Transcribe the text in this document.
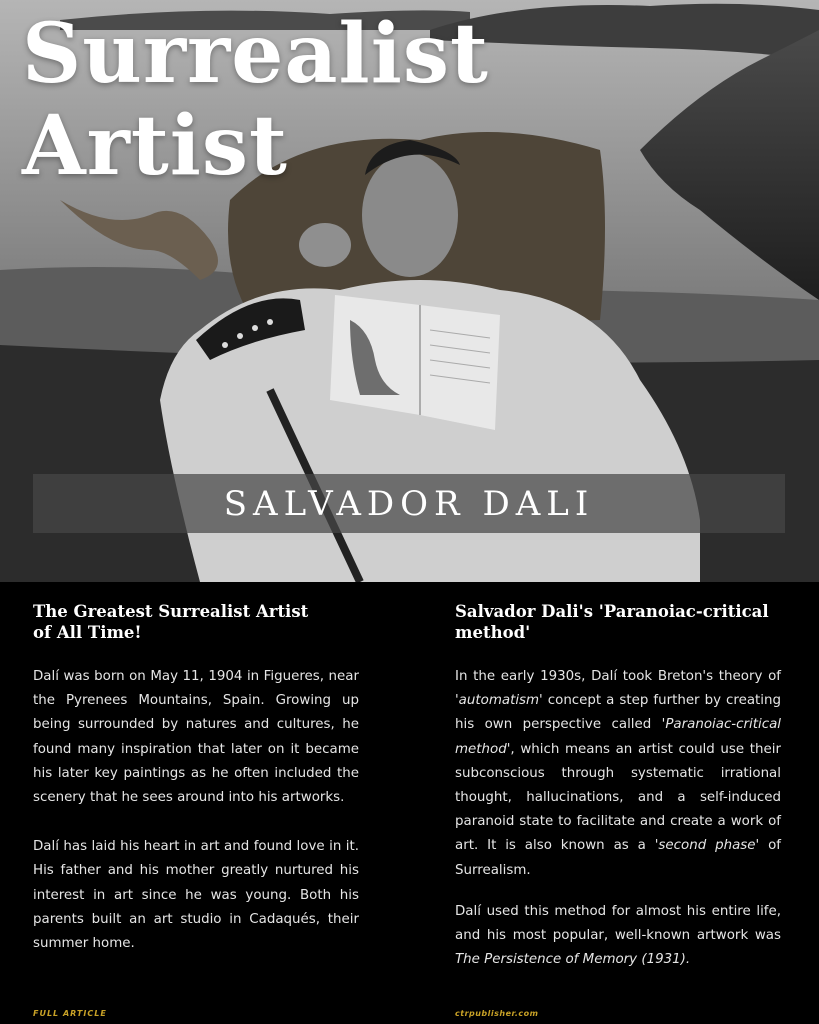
Surrealist
Artist
SALVADOR DALI
The Greatest Surrealist Artist
of All Time!

Dalí was born on May 11, 1904 in Figueres, near the Pyrenees Mountains, Spain. Growing up being surrounded by natures and cultures, he found many inspiration that later on it became his later key paintings as he often included the scenery that he sees around into his artworks.

Dalí has laid his heart in art and found love in it. His father and his mother greatly nurtured his interest in art since he was young. Both his parents built an art studio in Cadaqués, their summer home.

Salvador Dali's 'Paranoiac-critical
method'

In the early 1930s, Dalí took Breton's theory of 'automatism' concept a step further by creating his own perspective called 'Paranoiac-critical method', which means an artist could use their subconscious through systematic irrational thought, hallucinations, and a self-induced paranoid state to facilitate and create a work of art. It is also known as a 'second phase' of Surrealism.

Dalí used this method for almost his entire life, and his most popular, well-known artwork was The Persistence of Memory (1931).

FULL ARTICLE	ctrpublisher.com
